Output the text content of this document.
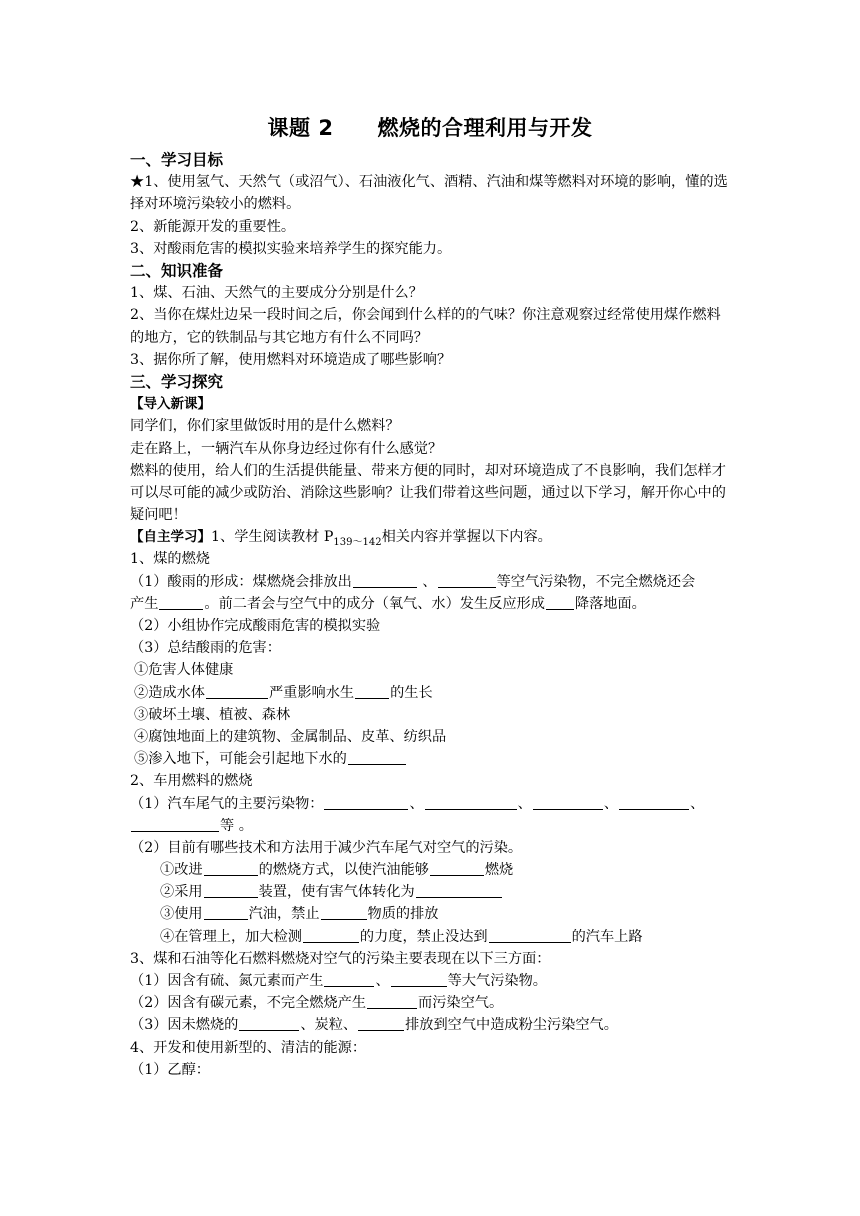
课题 2 燃烧的合理利用与开发
一、学习目标
★1、使用氢气、天然气（或沼气）、石油液化气、酒精、汽油和煤等燃料对环境的影响，懂的选择对环境污染较小的燃料。
2、新能源开发的重要性。
3、对酸雨危害的模拟实验来培养学生的探究能力。
二、知识准备
1、煤、石油、天然气的主要成分分别是什么？
2、当你在煤灶边呆一段时间之后，你会闻到什么样的的气味？你注意观察过经常使用煤作燃料的地方，它的铁制品与其它地方有什么不同吗？
3、据你所了解，使用燃料对环境造成了哪些影响？
三、学习探究
【导入新课】
同学们，你们家里做饭时用的是什么燃料？
走在路上，一辆汽车从你身边经过你有什么感觉？
燃料的使用，给人们的生活提供能量、带来方便的同时，却对环境造成了不良影响，我们怎样才可以尽可能的减少或防治、消除这些影响？让我们带着这些问题，通过以下学习，解开你心中的疑问吧！
【自主学习】1、学生阅读教材 $P_{139\sim 142}$相关内容并掌握以下内容。
1、煤的燃烧
（1）酸雨的形成：煤燃烧会排放出	、	等空气污染物，不完全燃烧还会
产生	。前二者会与空气中的成分（氧气、水）发生反应形成 降落地面。
（2）小组协作完成酸雨危害的模拟实验
（3）总结酸雨的危害：
①危害人体健康
②造成水体	严重影响水生	的生长
③破坏土壤、植被、森林
④腐蚀地面上的建筑物、金属制品、皮革、纺织品
⑤渗入地下，可能会引起地下水的
2、车用燃料的燃烧
（1）汽车尾气的主要污染物：	、	、	、	、
等 。
（2）目前有哪些技术和方法用于减少汽车尾气对空气的污染。
①改进	的燃烧方式，以使汽油能够	燃烧
②采用	装置，使有害气体转化为
③使用	汽油，禁止	物质的排放
④在管理上，加大检测	的力度，禁止没达到	的汽车上路
3、煤和石油等化石燃料燃烧对空气的污染主要表现在以下三方面：
（1）因含有硫、氮元素而产生	、	等大气污染物。
（2）因含有碳元素，不完全燃烧产生	而污染空气。
（3）因未燃烧的	、炭粒、	排放到空气中造成粉尘污染空气。
4、开发和使用新型的、清洁的能源：
（1）乙醇：
